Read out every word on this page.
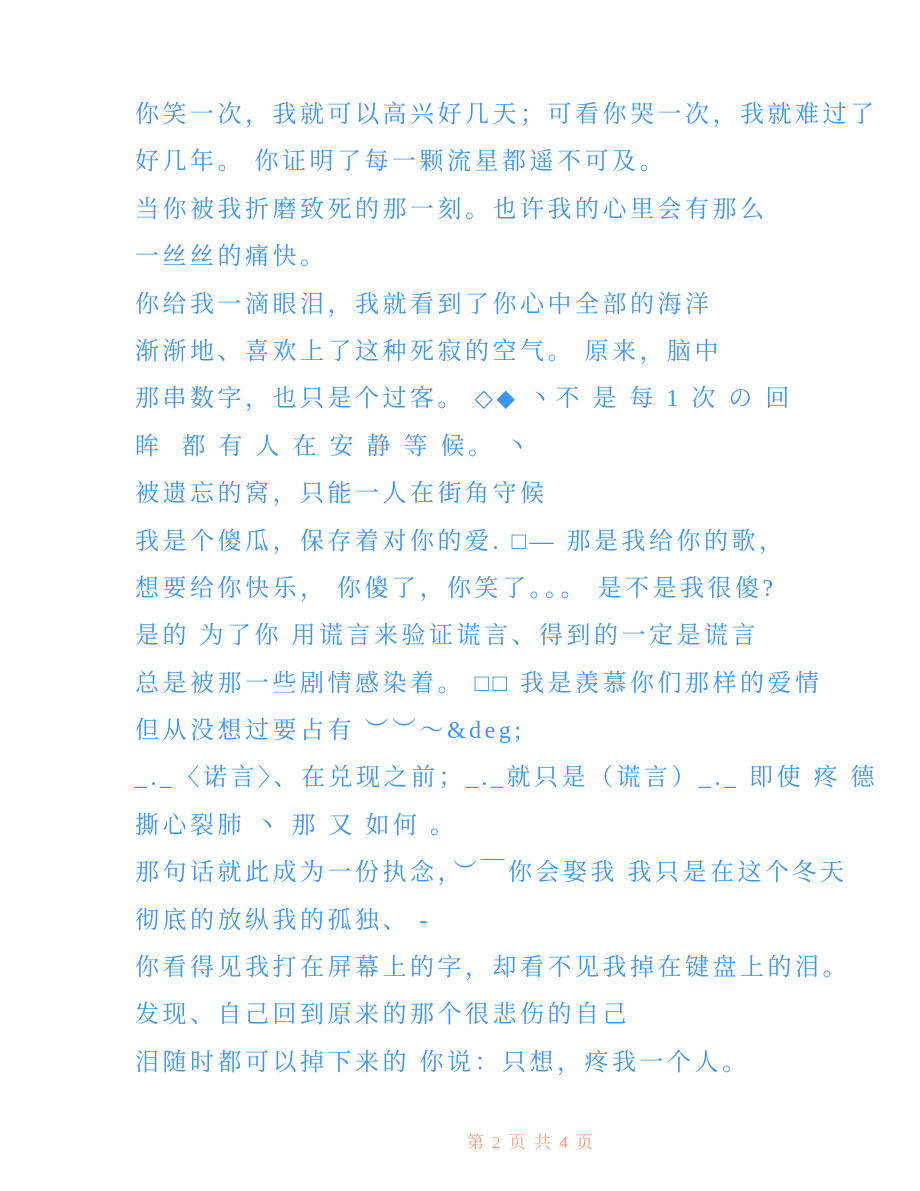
你笑一次，我就可以高兴好几天；可看你哭一次，我就难过了
好几年。 你证明了每一颗流星都遥不可及。
当你被我折磨致死的那一刻。也许我的心里会有那么
一丝丝的痛快。
你给我一滴眼泪，我就看到了你心中全部的海洋
渐渐地、喜欢上了这种死寂的空气。 原来，脑中
那串数字，也只是个过客。 ◇◆ 丶不 是 每 1 次 の 回
眸  都 有 人 在 安 静 等 候。 丶
被遗忘的窝，只能一人在街角守候
我是个傻瓜，保存着对你的爱. □— 那是我给你的歌，
想要给你快乐， 你傻了，你笑了。。。 是不是我很傻?
是的 为了你 用谎言来验证谎言、得到的一定是谎言
总是被那一些剧情感染着。 □□ 我是羡慕你们那样的爱情
但从没想过要占有 ︶︶〜&deg;
_._〈诺言〉、在兑现之前；_._就只是（谎言）_._ 即使 疼 德
撕心裂肺 丶 那 又 如何 。
那句话就此成为一份执念，︶￣你会娶我 我只是在这个冬天
彻底的放纵我的孤独、 -
你看得见我打在屏幕上的字，却看不见我掉在键盘上的泪。
发现、自己回到原来的那个很悲伤的自己
泪随时都可以掉下来的 你说：只想，疼我一个人。

第 2 页 共 4 页
